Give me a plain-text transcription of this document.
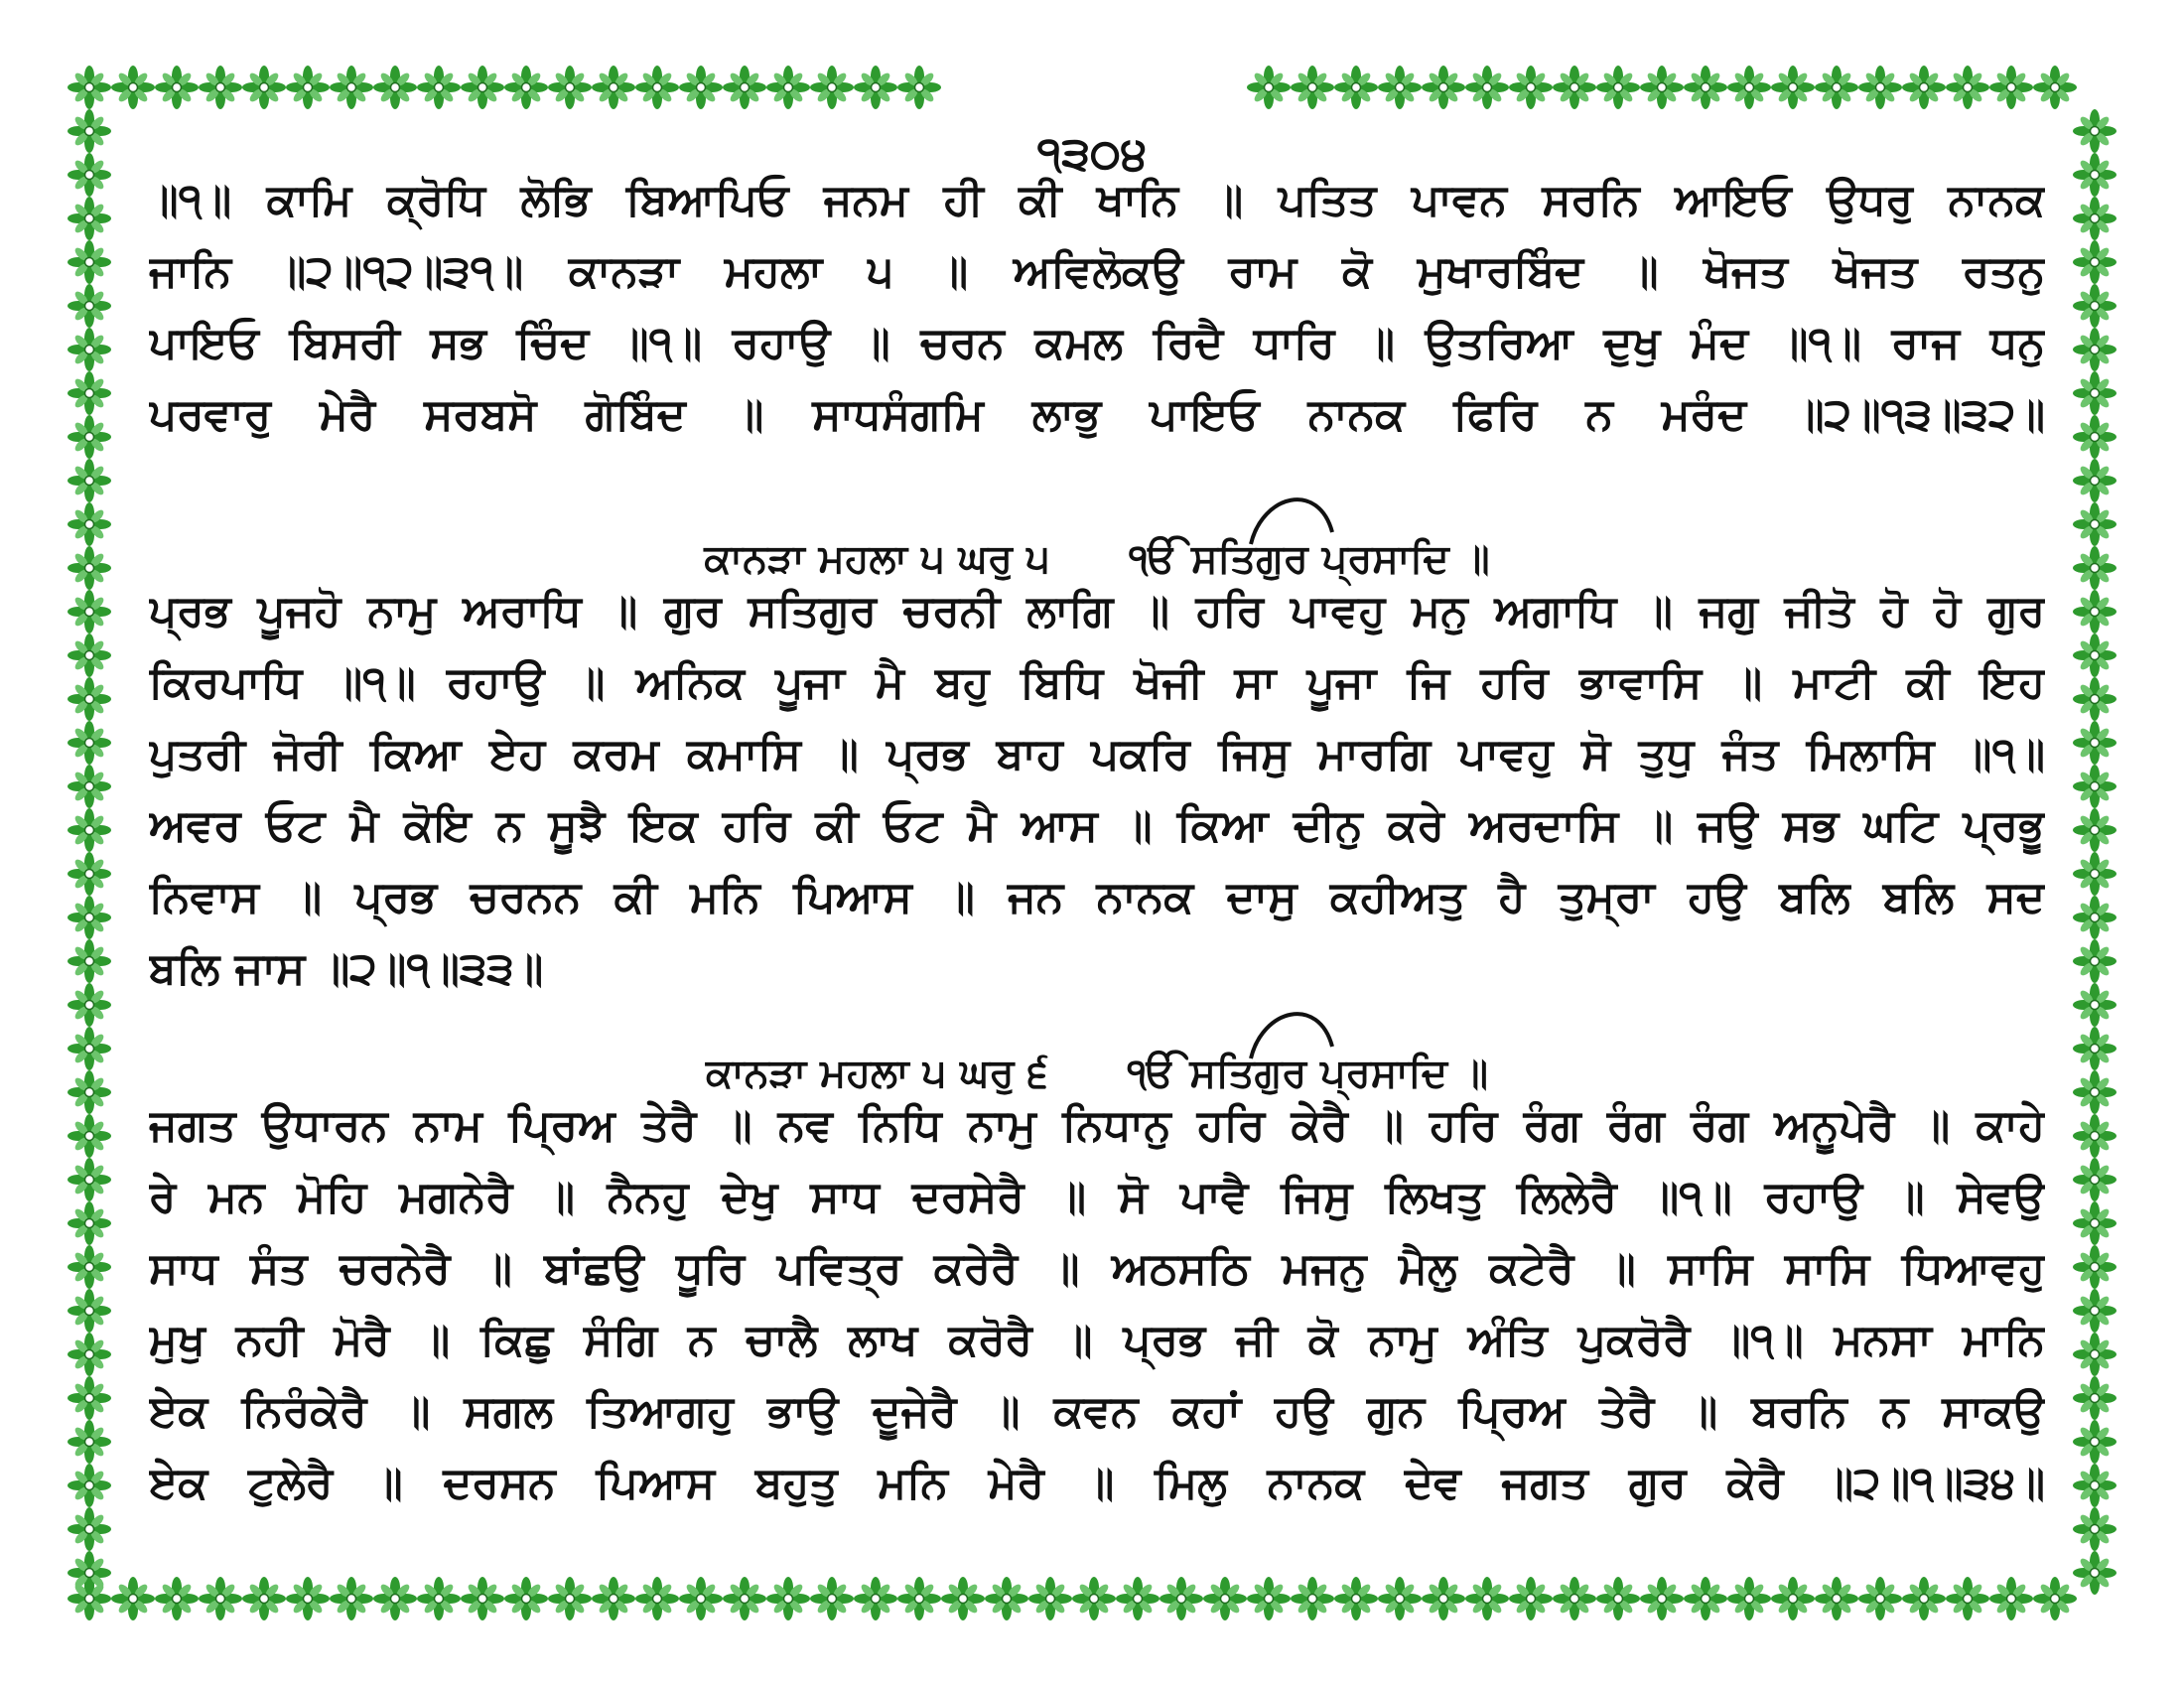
੧੩੦੪
॥੧॥ ਕਾਮਿ ਕ੍ਰੋਧਿ ਲੋਭਿ ਬਿਆਪਿਓ ਜਨਮ ਹੀ ਕੀ ਖਾਨਿ ॥ ਪਤਿਤ ਪਾਵਨ ਸਰਨਿ ਆਇਓ ਉਧਰੁ ਨਾਨਕ
ਜਾਨਿ ॥੨॥੧੨॥੩੧॥ ਕਾਨੜਾ ਮਹਲਾ ੫ ॥ ਅਵਿਲੋਕਉ ਰਾਮ ਕੋ ਮੁਖਾਰਬਿੰਦ ॥ ਖੋਜਤ ਖੋਜਤ ਰਤਨੁ
ਪਾਇਓ ਬਿਸਰੀ ਸਭ ਚਿੰਦ ॥੧॥ ਰਹਾਉ ॥ ਚਰਨ ਕਮਲ ਰਿਦੈ ਧਾਰਿ ॥ ਉਤਰਿਆ ਦੁਖੁ ਮੰਦ ॥੧॥ ਰਾਜ ਧਨੁ
ਪਰਵਾਰੁ ਮੇਰੈ ਸਰਬਸੋ ਗੋਬਿੰਦ ॥ ਸਾਧਸੰਗਮਿ ਲਾਭੁ ਪਾਇਓ ਨਾਨਕ ਫਿਰਿ ਨ ਮਰੰਦ ॥੨॥੧੩॥੩੨॥
ਕਾਨੜਾ ਮਹਲਾ ੫ ਘਰੁ ੫ ੴ ਸਤਿਗੁਰ ਪ੍ਰਸਾਦਿ ॥
ਪ੍ਰਭ ਪੂਜਹੋ ਨਾਮੁ ਅਰਾਧਿ ॥ ਗੁਰ ਸਤਿਗੁਰ ਚਰਨੀ ਲਾਗਿ ॥ ਹਰਿ ਪਾਵਹੁ ਮਨੁ ਅਗਾਧਿ ॥ ਜਗੁ ਜੀਤੋ ਹੋ ਹੋ ਗੁਰ
ਕਿਰਪਾਧਿ ॥੧॥ ਰਹਾਉ ॥ ਅਨਿਕ ਪੂਜਾ ਮੈ ਬਹੁ ਬਿਧਿ ਖੋਜੀ ਸਾ ਪੂਜਾ ਜਿ ਹਰਿ ਭਾਵਾਸਿ ॥ ਮਾਟੀ ਕੀ ਇਹ
ਪੁਤਰੀ ਜੋਰੀ ਕਿਆ ਏਹ ਕਰਮ ਕਮਾਸਿ ॥ ਪ੍ਰਭ ਬਾਹ ਪਕਰਿ ਜਿਸੁ ਮਾਰਗਿ ਪਾਵਹੁ ਸੋ ਤੁਧੁ ਜੰਤ ਮਿਲਾਸਿ ॥੧॥
ਅਵਰ ਓਟ ਮੈ ਕੋਇ ਨ ਸੂਝੈ ਇਕ ਹਰਿ ਕੀ ਓਟ ਮੈ ਆਸ ॥ ਕਿਆ ਦੀਨੁ ਕਰੇ ਅਰਦਾਸਿ ॥ ਜਉ ਸਭ ਘਟਿ ਪ੍ਰਭੂ
ਨਿਵਾਸ ॥ ਪ੍ਰਭ ਚਰਨਨ ਕੀ ਮਨਿ ਪਿਆਸ ॥ ਜਨ ਨਾਨਕ ਦਾਸੁ ਕਹੀਅਤੁ ਹੈ ਤੁਮ੍ਰਾ ਹਉ ਬਲਿ ਬਲਿ ਸਦ
ਬਲਿ ਜਾਸ ॥੨॥੧॥੩੩॥
ਕਾਨੜਾ ਮਹਲਾ ੫ ਘਰੁ ੬ ੴ ਸਤਿਗੁਰ ਪ੍ਰਸਾਦਿ ॥
ਜਗਤ ਉਧਾਰਨ ਨਾਮ ਪ੍ਰਿਅ ਤੇਰੈ ॥ ਨਵ ਨਿਧਿ ਨਾਮੁ ਨਿਧਾਨੁ ਹਰਿ ਕੇਰੈ ॥ ਹਰਿ ਰੰਗ ਰੰਗ ਰੰਗ ਅਨੂਪੇਰੈ ॥ ਕਾਹੇ
ਰੇ ਮਨ ਮੋਹਿ ਮਗਨੇਰੈ ॥ ਨੈਨਹੁ ਦੇਖੁ ਸਾਧ ਦਰਸੇਰੈ ॥ ਸੋ ਪਾਵੈ ਜਿਸੁ ਲਿਖਤੁ ਲਿਲੇਰੈ ॥੧॥ ਰਹਾਉ ॥ ਸੇਵਉ
ਸਾਧ ਸੰਤ ਚਰਨੇਰੈ ॥ ਬਾਂਛਉ ਧੂਰਿ ਪਵਿਤ੍ਰ ਕਰੇਰੈ ॥ ਅਠਸਠਿ ਮਜਨੁ ਮੈਲੁ ਕਟੇਰੈ ॥ ਸਾਸਿ ਸਾਸਿ ਧਿਆਵਹੁ
ਮੁਖੁ ਨਹੀ ਮੋਰੈ ॥ ਕਿਛੁ ਸੰਗਿ ਨ ਚਾਲੈ ਲਾਖ ਕਰੋਰੈ ॥ ਪ੍ਰਭ ਜੀ ਕੋ ਨਾਮੁ ਅੰਤਿ ਪੁਕਰੋਰੈ ॥੧॥ ਮਨਸਾ ਮਾਨਿ
ਏਕ ਨਿਰੰਕੇਰੈ ॥ ਸਗਲ ਤਿਆਗਹੁ ਭਾਉ ਦੂਜੇਰੈ ॥ ਕਵਨ ਕਹਾਂ ਹਉ ਗੁਨ ਪ੍ਰਿਅ ਤੇਰੈ ॥ ਬਰਨਿ ਨ ਸਾਕਉ
ਏਕ ਟੁਲੇਰੈ ॥ ਦਰਸਨ ਪਿਆਸ ਬਹੁਤੁ ਮਨਿ ਮੇਰੈ ॥ ਮਿਲੁ ਨਾਨਕ ਦੇਵ ਜਗਤ ਗੁਰ ਕੇਰੈ ॥੨॥੧॥੩੪॥
